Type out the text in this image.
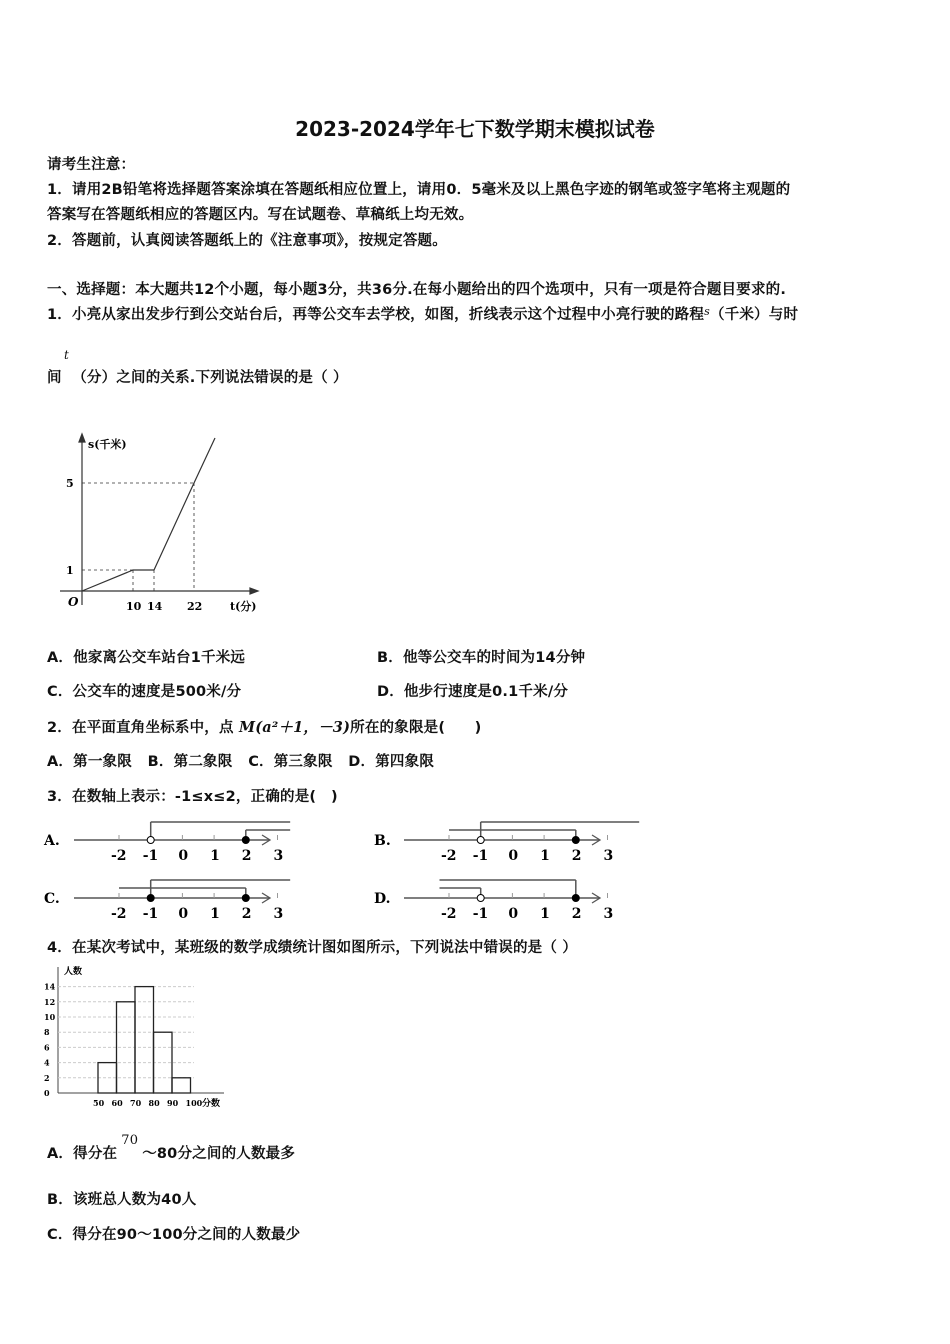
2023-2024学年七下数学期末模拟试卷
请考生注意：
1．请用2B铅笔将选择题答案涂填在答题纸相应位置上，请用0．5毫米及以上黑色字迹的钢笔或签字笔将主观题的
答案写在答题纸相应的答题区内。写在试题卷、草稿纸上均无效。
2．答题前，认真阅读答题纸上的《注意事项》，按规定答题。
一、选择题：本大题共12个小题，每小题3分，共36分.在每小题给出的四个选项中，只有一项是符合题目要求的.
1．小亮从家出发步行到公交站台后，再等公交车去学校，如图，折线表示这个过程中小亮行驶的路程$^s$（千米）与时
t
间 （分）之间的关系.下列说法错误的是（ ）
s(千米)
t(分)
O	10 14 22
1
5
A．他家离公交车站台1千米远	B．他等公交车的时间为14分钟
C．公交车的速度是500米/分	D．他步行速度是0.1千米/分
2．在平面直角坐标系中，点 M(a²＋1，－3)所在的象限是(　　)
A．第一象限 B．第二象限 C．第三象限 D．第四象限
3．在数轴上表示：-1≤x≤2，正确的是(　)
4．在某次考试中，某班级的数学成绩统计图如图所示，下列说法中错误的是（ ）
0
2
4
6
8
10
12
14
50 60 70 80 90 100
人数
分数
A．得分在70～80分之间的人数最多
B．该班总人数为40人
C．得分在90～100分之间的人数最少
A.
-2 -1 0 1 2 3
B.
-2 -1 0 1 2 3
C.
-2 -1 0 1 2 3
D.
-2 -1 0 1 2 3
